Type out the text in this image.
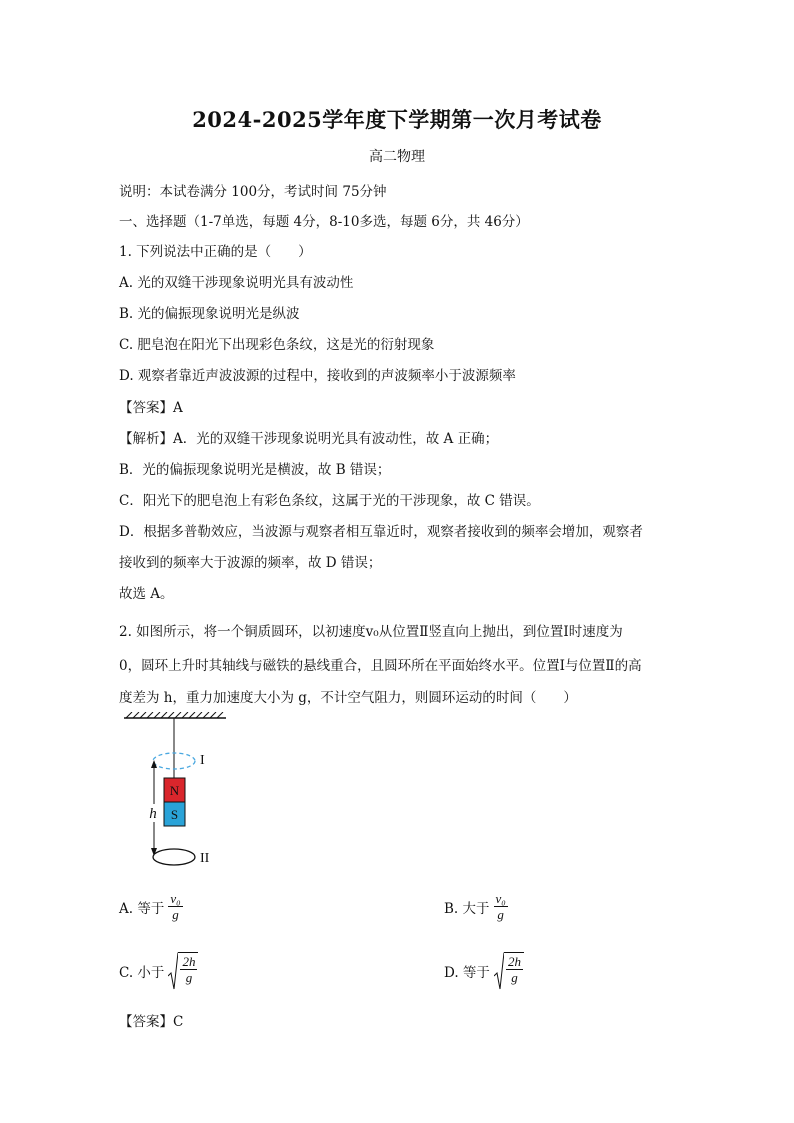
2024-2025学年度下学期第一次月考试卷
高二物理
说明：本试卷满分 100分，考试时间 75分钟
一、选择题（1-7单选，每题 4分，8-10多选，每题 6分，共 46分）
1. 下列说法中正确的是（　　）
A. 光的双缝干涉现象说明光具有波动性
B. 光的偏振现象说明光是纵波
C. 肥皂泡在阳光下出现彩色条纹，这是光的衍射现象
D. 观察者靠近声波波源的过程中，接收到的声波频率小于波源频率
【答案】A
【解析】A．光的双缝干涉现象说明光具有波动性，故 A 正确；
B．光的偏振现象说明光是横波，故 B 错误；
C．阳光下的肥皂泡上有彩色条纹，这属于光的干涉现象，故 C 错误。
D．根据多普勒效应，当波源与观察者相互靠近时，观察者接收到的频率会增加，观察者
接收到的频率大于波源的频率，故 D 错误；
故选 A。
2. 如图所示，将一个铜质圆环，以初速度v₀从位置Ⅱ竖直向上抛出，到位置Ⅰ时速度为
0，圆环上升时其轴线与磁铁的悬线重合，且圆环所在平面始终水平。位置Ⅰ与位置Ⅱ的高
度差为 h，重力加速度大小为 g，不计空气阻力，则圆环运动的时间（　　）
I
N
S
h
II
A. 等于 $\frac{\text{v₀}}{g}$	B. 大于 $\frac{\text{v₀}}{g}$
C. 小于 $\frac{2h}{g}$	D. 等于 $\frac{2h}{g}$
【答案】C
